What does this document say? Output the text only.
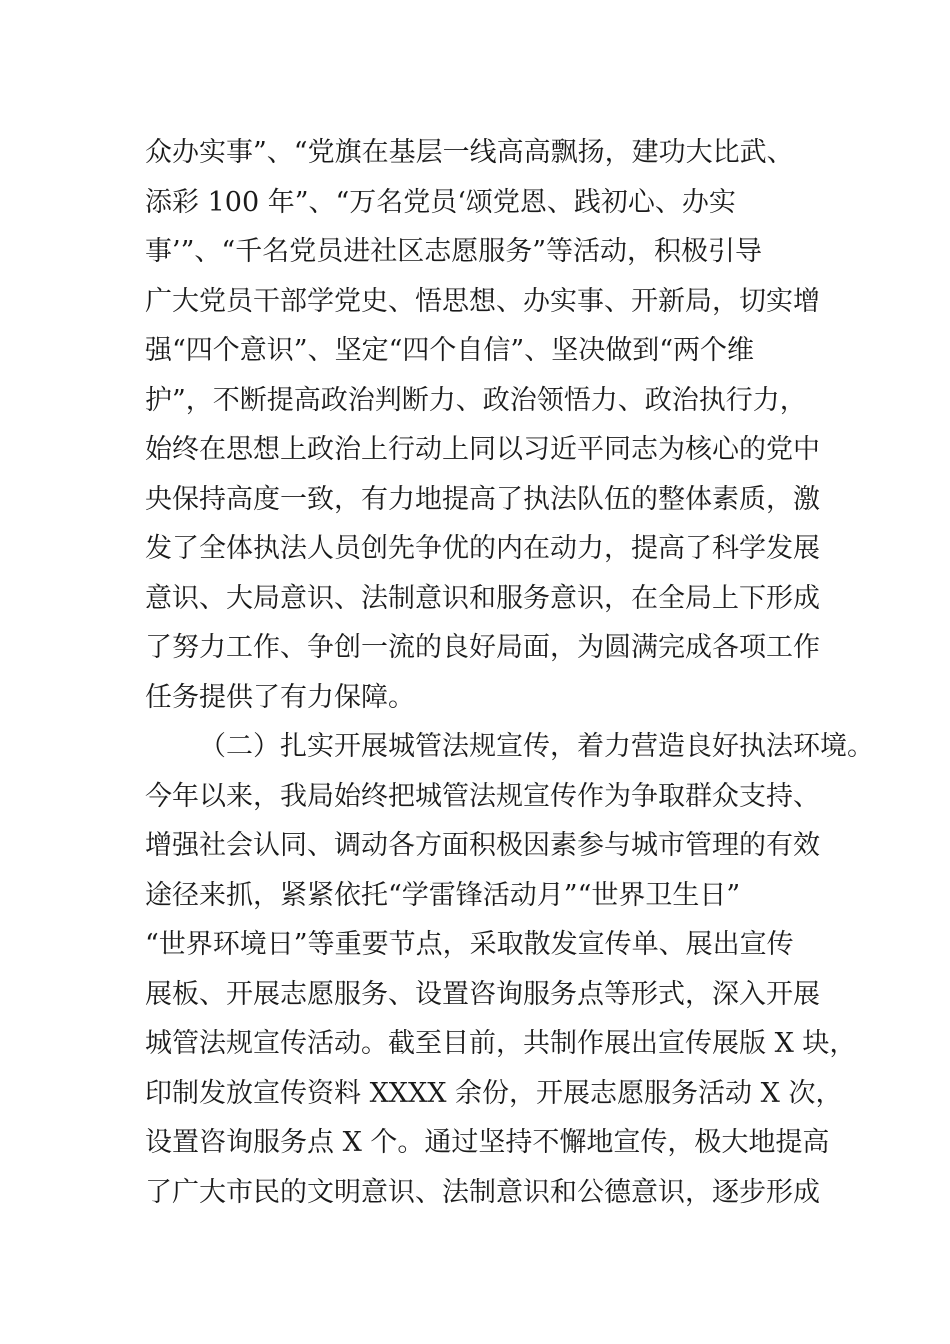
众办实事”、“党旗在基层一线高高飘扬，建功大比武、

添彩 100 年”、“万名党员‘颂党恩、践初心、办实

事’”、“千名党员进社区志愿服务”等活动，积极引导

广大党员干部学党史、悟思想、办实事、开新局，切实增

强“四个意识”、坚定“四个自信”、坚决做到“两个维

护”，不断提高政治判断力、政治领悟力、政治执行力，

始终在思想上政治上行动上同以习近平同志为核心的党中

央保持高度一致，有力地提高了执法队伍的整体素质，激

发了全体执法人员创先争优的内在动力，提高了科学发展

意识、大局意识、法制意识和服务意识，在全局上下形成

了努力工作、争创一流的良好局面，为圆满完成各项工作

任务提供了有力保障。

（二）扎实开展城管法规宣传，着力营造良好执法环境。

今年以来，我局始终把城管法规宣传作为争取群众支持、

增强社会认同、调动各方面积极因素参与城市管理的有效

途径来抓，紧紧依托“学雷锋活动月”“世界卫生日”

“世界环境日”等重要节点，采取散发宣传单、展出宣传

展板、开展志愿服务、设置咨询服务点等形式，深入开展

城管法规宣传活动。截至目前，共制作展出宣传展版 X 块，

印制发放宣传资料 XXXX 余份，开展志愿服务活动 X 次，

设置咨询服务点 X 个。通过坚持不懈地宣传，极大地提高

了广大市民的文明意识、法制意识和公德意识，逐步形成
